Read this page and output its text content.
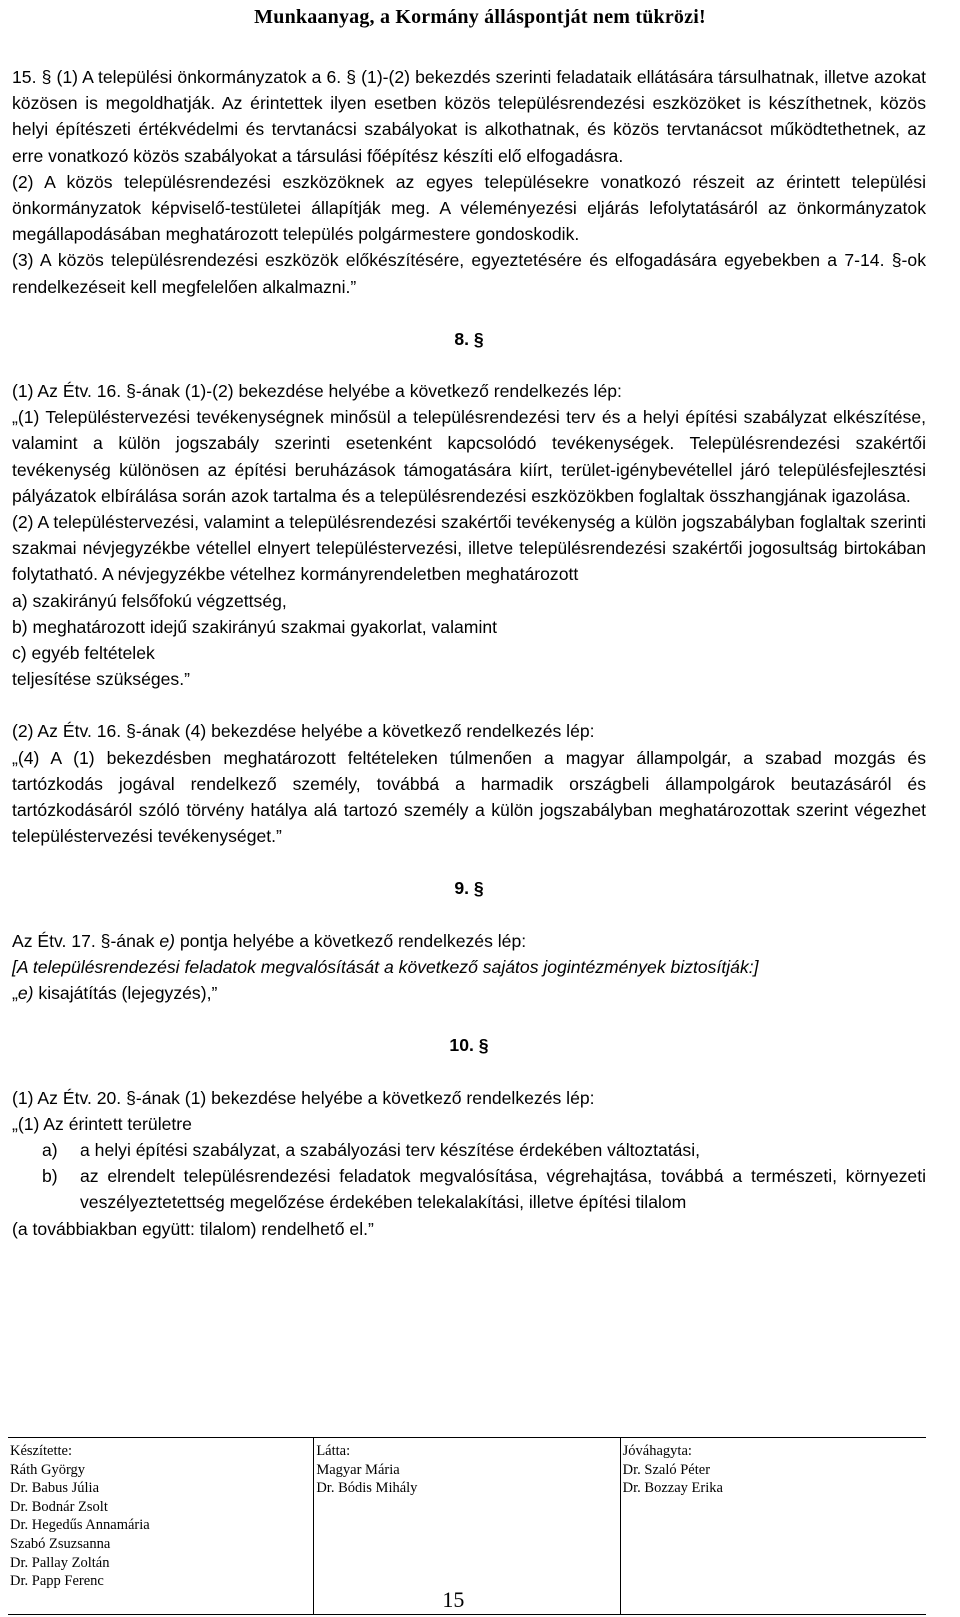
Munkaanyag, a Kormány álláspontját nem tükrözi!

15. § (1) A települési önkormányzatok a 6. § (1)-(2) bekezdés szerinti feladataik ellátására társulhatnak, illetve azokat közösen is megoldhatják. Az érintettek ilyen esetben közös településrendezési eszközöket is készíthetnek, közös helyi építészeti értékvédelmi és tervtanácsi szabályokat is alkothatnak, és közös tervtanácsot működtethetnek, az erre vonatkozó közös szabályokat a társulási főépítész készíti elő elfogadásra.

(2) A közös településrendezési eszközöknek az egyes településekre vonatkozó részeit az érintett települési önkormányzatok képviselő-testületei állapítják meg. A véleményezési eljárás lefolytatásáról az önkormányzatok megállapodásában meghatározott település polgármestere gondoskodik.

(3) A közös településrendezési eszközök előkészítésére, egyeztetésére és elfogadására egyebekben a 7-14. §-ok rendelkezéseit kell megfelelően alkalmazni.”

8. §

(1) Az Étv. 16. §-ának (1)-(2) bekezdése helyébe a következő rendelkezés lép:

„(1) Településtervezési tevékenységnek minősül a településrendezési terv és a helyi építési szabályzat elkészítése, valamint a külön jogszabály szerinti esetenként kapcsolódó tevékenységek. Településrendezési szakértői tevékenység különösen az építési beruházások támogatására kiírt, terület-igénybevétellel járó településfejlesztési pályázatok elbírálása során azok tartalma és a településrendezési eszközökben foglaltak összhangjának igazolása.

(2) A településtervezési, valamint a településrendezési szakértői tevékenység a külön jogszabályban foglaltak szerinti szakmai névjegyzékbe vétellel elnyert településtervezési, illetve településrendezési szakértői jogosultság birtokában folytatható. A névjegyzékbe vételhez kormányrendeletben meghatározott

a) szakirányú felsőfokú végzettség,

b) meghatározott idejű szakirányú szakmai gyakorlat, valamint

c) egyéb feltételek

teljesítése szükséges.”

(2) Az Étv. 16. §-ának (4) bekezdése helyébe a következő rendelkezés lép:

„(4) A (1) bekezdésben meghatározott feltételeken túlmenően a magyar állampolgár, a szabad mozgás és tartózkodás jogával rendelkező személy, továbbá a harmadik országbeli állampolgárok beutazásáról és tartózkodásáról szóló törvény hatálya alá tartozó személy a külön jogszabályban meghatározottak szerint végezhet településtervezési tevékenységet.”

9. §

Az Étv. 17. §-ának e) pontja helyébe a következő rendelkezés lép:

[A településrendezési feladatok megvalósítását a következő sajátos jogintézmények biztosítják:]

„e) kisajátítás (lejegyzés),”

10. §

(1) Az Étv. 20. §-ának (1) bekezdése helyébe a következő rendelkezés lép:

„(1) Az érintett területre

a)	a helyi építési szabályzat, a szabályozási terv készítése érdekében változtatási,
b)	az elrendelt településrendezési feladatok megvalósítása, végrehajtása, továbbá a természeti, környezeti veszélyeztetettség megelőzése érdekében telekalakítási, illetve építési tilalom

(a továbbiakban együtt: tilalom) rendelhető el.”

Készítette:
Ráth György
Dr. Babus Júlia
Dr. Bodnár Zsolt
Dr. Hegedűs Annamária
Szabó Zsuzsanna
Dr. Pallay Zoltán
Dr. Papp Ferenc
Látta:
Magyar Mária
Dr. Bódis Mihály
15
Jóváhagyta:
Dr. Szaló Péter
Dr. Bozzay Erika
